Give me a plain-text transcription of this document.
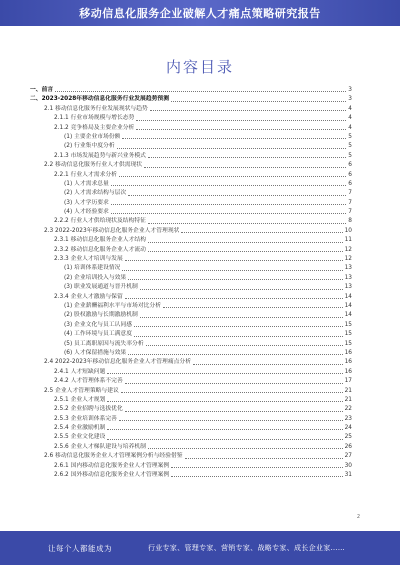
移动信息化服务企业破解人才痛点策略研究报告
内容目录
一、前言	3
二、2023-2028年移动信息化服务行业发展趋势预测	3
2.1 移动信息化服务行业发展现状与趋势	4
2.1.1 行业市场规模与增长态势	4
2.1.2 竞争格局及主要企业分析	4
(1) 主要企业市场份额	5
(2) 行业集中度分析	5
2.1.3 市场发展趋势与新兴业务模式	5
2.2 移动信息化服务行业人才供需现状	6
2.2.1 行业人才需求分析	6
(1) 人才需求总量	6
(2) 人才需求结构与层次	7
(3) 人才学历要求	7
(4) 人才经验要求	7
2.2.2 行业人才供给现状及结构特征	8
2.3 2022-2023年移动信息化服务企业人才管理现状	10
2.3.1 移动信息化服务企业人才结构	11
2.3.2 移动信息化服务企业人才流动	12
2.3.3 企业人才培训与发展	12
(1) 培训体系建设情况	13
(2) 企业培训投入与效果	13
(3) 职业发展通道与晋升机制	13
2.3.4 企业人才激励与保留	14
(1) 企业薪酬福利水平与市场对比分析	14
(2) 股权激励与长期激励机制	14
(3) 企业文化与员工认同感	15
(4) 工作环境与员工满意度	15
(5) 员工离职原因与流失率分析	15
(6) 人才保留措施与效果	16
2.4 2022-2023年移动信息化服务企业人才管理痛点分析	16
2.4.1 人才短缺问题	16
2.4.2 人才管理体系不完善	17
2.5 企业人才管理策略与建议	21
2.5.1 企业人才规划	21
2.5.2 企业招聘与选拔优化	22
2.5.3 企业培训体系完善	23
2.5.4 企业激励机制	24
2.5.5 企业文化建设	25
2.5.6 企业人才梯队建设与培养机制	26
2.6 移动信息化服务企业人才管理案例分析与经验借鉴	27
2.6.1 国内移动信息化服务企业人才管理案例	30
2.6.2 国外移动信息化服务企业人才管理案例	31
2
让每个人都能成为	行业专家、管理专家、营销专家、战略专家、成长企业家……
